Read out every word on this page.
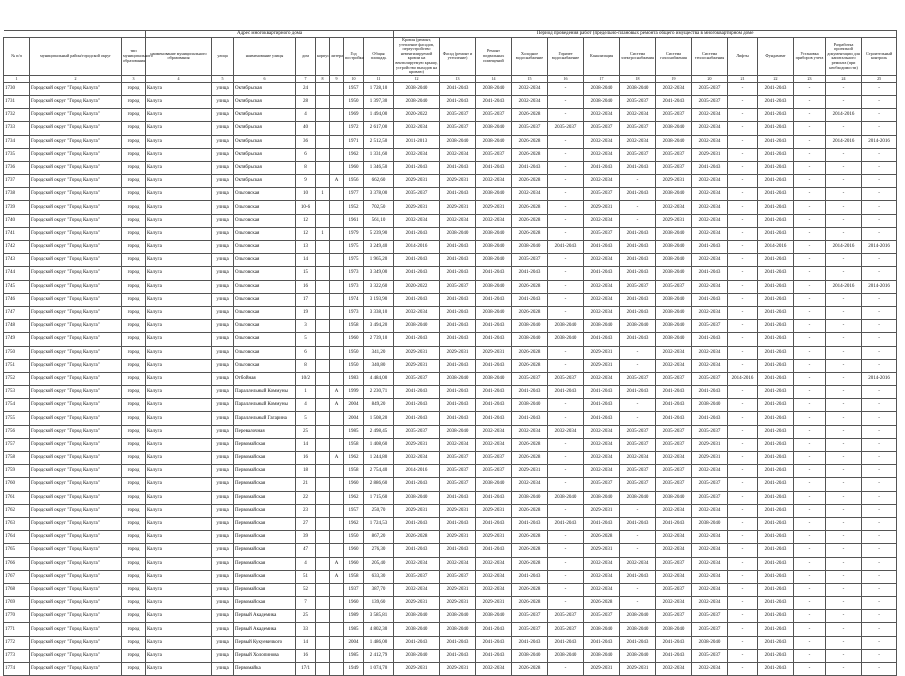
			Адрес многоквартирного дома								Период проведения работ (предельно-плановых ремонта общего имущества в многоквартирном доме													
№ п/п	муниципальный район/городской округ	тип муниципального образования	наименование муниципального образования	улица	наименование улицы	дом	корпус	литера	Год постройки	Общая площадь	Кровля (ремонт, утепление фасадов, переустройство невентилируемой кровли на вентилируемую крышу, устройство выходов на кровлю)	Фасад (ремонт и утепление)	Ремонт подвальных помещений	Холодное водоснабжение	Горячее водоснабжение	Канализация	Система электроснабжения	Система газоснабжения	Система теплоснабжения	Лифты	Фундамент	Установка приборов учета	Разработка проектной документации для капитального ремонта (при необходимости)	Строительный контроль
1	2	3	4	5	6	7	8	9	10	11	12	13	14	15	16	17	18	19	20	21	22	23	24	25
1730	Городской округ "Город Калуга"	город	Калуга	улица	Октябрьская	24			1957	1 728,10	2038-2040	2041-2043	2038-2040	2032-2034	-	2038-2040	2038-2040	2032-2034	2035-2037	-	2041-2043	-	-	-
1731	Городской округ "Город Калуга"	город	Калуга	улица	Октябрьская	28			1950	1 397,30	2038-2040	2041-2043	2041-2043	2032-2034	-	2038-2040	2035-2037	2041-2043	2035-2037	-	2041-2043	-	-	-
1732	Городской округ "Город Калуга"	город	Калуга	улица	Октябрьская	4			1969	1 494,00	2020-2022	2035-2037	2035-2037	2026-2028	-	2032-2034	2032-2034	2035-2037	2032-2034	-	2041-2043	-	2014-2016	-
1733	Городской округ "Город Калуга"	город	Калуга	улица	Октябрьская	40			1972	2 617,00	2032-2034	2035-2037	2038-2040	2035-2037	2035-2037	2035-2037	2035-2037	2038-2040	2032-2034	-	2041-2043	-	-	-
1734	Городской округ "Город Калуга"	город	Калуга	улица	Октябрьская	36			1971	2 512,50	2011-2013	2038-2040	2038-2040	2026-2028	-	2032-2034	2032-2034	2038-2040	2032-2034	-	2041-2043	-	2014-2016	2014-2016
1735	Городской округ "Город Калуга"	город	Калуга	улица	Октябрьская	6			1962	1 331,60	2032-2034	2032-2034	2035-2037	2026-2028	-	2032-2034	2035-2037	2035-2037	2029-2031	-	2041-2043	-	-	-
1736	Городской округ "Город Калуга"	город	Калуга	улица	Октябрьская	8			1960	1 346,50	2041-2043	2041-2043	2041-2043	2041-2043	-	2041-2043	2041-2043	2035-2037	2041-2043	-	2041-2043	-	-	-
1737	Городской округ "Город Калуга"	город	Калуга	улица	Октябрьская	9		А	1956	662,60	2029-2031	2029-2031	2032-2034	2026-2028	-	2032-2034	-	2029-2031	2032-2034	-	2041-2043	-	-	-
1738	Городской округ "Город Калуга"	город	Калуга	улица	Ольговская	10	1		1977	3 378,00	2035-2037	2041-2043	2038-2040	2032-2034	-	2035-2037	2041-2043	2038-2040	2032-2034	-	2041-2043	-	-	-
1739	Городской округ "Город Калуга"	город	Калуга	улица	Ольговская	10-6			1952	702,50	2029-2031	2029-2031	2029-2031	2026-2028	-	2029-2031	-	2032-2034	2032-2034	-	2041-2043	-	-	-
1740	Городской округ "Город Калуга"	город	Калуга	улица	Ольговская	12			1961	561,10	2032-2034	2032-2034	2032-2034	2026-2028	-	2032-2034	-	2029-2031	2032-2034	-	2041-2043	-	-	-
1741	Городской округ "Город Калуга"	город	Калуга	улица	Ольговская	12	1		1979	5 239,90	2041-2043	2038-2040	2038-2040	2026-2028	-	2035-2037	2041-2043	2038-2040	2032-2034	-	2041-2043	-	-	-
1742	Городской округ "Город Калуга"	город	Калуга	улица	Ольговская	13			1975	3 249,40	2014-2016	2041-2043	2038-2040	2038-2040	2041-2043	2041-2043	2041-2043	2038-2040	2041-2043	-	2014-2016	-	2014-2016	2014-2016
1743	Городской округ "Город Калуга"	город	Калуга	улица	Ольговская	14			1975	1 965,20	2041-2043	2041-2043	2038-2040	2035-2037	-	2032-2034	2041-2043	2038-2040	2032-2034	-	2041-2043	-	-	-
1744	Городской округ "Город Калуга"	город	Калуга	улица	Ольговская	15			1973	3 349,00	2041-2043	2041-2043	2041-2043	2041-2043	-	2041-2043	2041-2043	2038-2040	2041-2043	-	2041-2043	-	-	-
1745	Городской округ "Город Калуга"	город	Калуга	улица	Ольговская	16			1973	3 322,60	2020-2022	2035-2037	2038-2040	2026-2028	-	2032-2034	2035-2037	2035-2037	2032-2034	-	2041-2043	-	2014-2016	2014-2016
1746	Городской округ "Город Калуга"	город	Калуга	улица	Ольговская	17			1974	3 193,90	2041-2043	2041-2043	2041-2043	2041-2043	-	2032-2034	2041-2043	2038-2040	2041-2043	-	2041-2043	-	-	-
1747	Городской округ "Город Калуга"	город	Калуга	улица	Ольговская	19			1973	3 338,10	2032-2034	2041-2043	2038-2040	2026-2028	-	2032-2034	2041-2043	2038-2040	2032-2034	-	2041-2043	-	-	-
1748	Городской округ "Город Калуга"	город	Калуга	улица	Ольговская	3			1958	3 494,20	2038-2040	2041-2043	2041-2043	2038-2040	2038-2040	2038-2040	2038-2040	2038-2040	2035-2037	-	2041-2043	-	-	-
1749	Городской округ "Город Калуга"	город	Калуга	улица	Ольговская	5			1960	2 739,10	2041-2043	2041-2043	2041-2043	2038-2040	2038-2040	2041-2043	2041-2043	2038-2040	2041-2043	-	2041-2043	-	-	-
1750	Городской округ "Город Калуга"	город	Калуга	улица	Ольговская	6			1950	341,20	2029-2031	2029-2031	2029-2031	2026-2028	-	2029-2031	-	2032-2034	2032-2034	-	2041-2043	-	-	-
1751	Городской округ "Город Калуга"	город	Калуга	улица	Ольговская	8			1950	340,80	2029-2031	2041-2043	2041-2043	2026-2028	-	2029-2031	-	2032-2034	2032-2034	-	2041-2043	-	-	-
1752	Городской округ "Город Калуга"	город	Калуга	улица	Отбойная	10/2			1983	4 484,00	2035-2037	2038-2040	2038-2040	2035-2037	2035-2037	2032-2034	2035-2037	2035-2037	2035-2037	2014-2016	2041-2043	-	-	2014-2016
1753	Городской округ "Город Калуга"	город	Калуга	улица	Параллельный Коммуны	1		А	1999	2 230,71	2041-2043	2041-2043	2041-2043	2041-2043	2041-2043	2041-2043	2041-2043	2041-2043	2041-2043	-	2041-2043	-	-	-
1754	Городской округ "Город Калуга"	город	Калуга	улица	Параллельный Коммуны	4		А	2004	849,20	2041-2043	2041-2043	2041-2043	2038-2040	-	2041-2043	-	2041-2043	2038-2040	-	2041-2043	-	-	-
1755	Городской округ "Город Калуга"	город	Калуга	улица	Параллельный Гагарина	5			2004	1 508,20	2041-2043	2041-2043	2041-2043	2041-2043	-	2041-2043	-	2041-2043	2041-2043	-	2041-2043	-	-	-
1756	Городской округ "Город Калуга"	город	Калуга	улица	Перевалочная	25			1985	2 498,45	2035-2037	2038-2040	2032-2034	2032-2034	2032-2034	2032-2034	2035-2037	2035-2037	2035-2037	-	2041-2043	-	-	-
1757	Городской округ "Город Калуга"	город	Калуга	улица	Первомайская	14			1958	1 408,60	2029-2031	2032-2034	2032-2034	2026-2028	-	2032-2034	2035-2037	2035-2037	2029-2031	-	2041-2043	-	-	-
1758	Городской округ "Город Калуга"	город	Калуга	улица	Первомайская	16		А	1962	1 244,80	2032-2034	2035-2037	2035-2037	2026-2028	-	2032-2034	2032-2034	2032-2034	2029-2031	-	2041-2043	-	-	-
1759	Городской округ "Город Калуга"	город	Калуга	улица	Первомайская	18			1958	2 754,40	2014-2016	2035-2037	2035-2037	2029-2031	-	2032-2034	2035-2037	2035-2037	2032-2034	-	2041-2043	-	-	-
1760	Городской округ "Город Калуга"	город	Калуга	улица	Первомайская	21			1960	2 886,60	2041-2043	2035-2037	2038-2040	2032-2034	-	2035-2037	2035-2037	2035-2037	2035-2037	-	2041-2043	-	-	-
1761	Городской округ "Город Калуга"	город	Калуга	улица	Первомайская	22			1962	1 715,60	2038-2040	2041-2043	2041-2043	2038-2040	2038-2040	2038-2040	2038-2040	2038-2040	2035-2037	-	2041-2043	-	-	-
1762	Городской округ "Город Калуга"	город	Калуга	улица	Первомайская	23			1957	250,70	2029-2031	2029-2031	2029-2031	2026-2028	-	2029-2031	-	2032-2034	2032-2034	-	2041-2043	-	-	-
1763	Городской округ "Город Калуга"	город	Калуга	улица	Первомайская	27			1962	1 724,53	2041-2043	2041-2043	2041-2043	2041-2043	2041-2043	2041-2043	2041-2043	2041-2043	2038-2040	-	2041-2043	-	-	-
1764	Городской округ "Город Калуга"	город	Калуга	улица	Первомайская	39			1950	867,20	2026-2028	2029-2031	2029-2031	2026-2028	-	2026-2028	-	2032-2034	2032-2034	-	2041-2043	-	-	-
1765	Городской округ "Город Калуга"	город	Калуга	улица	Первомайская	47			1960	276,30	2041-2043	2041-2043	2041-2043	2026-2028	-	2029-2031	-	2032-2034	2032-2034	-	2041-2043	-	-	-
1766	Городской округ "Город Калуга"	город	Калуга	улица	Первомайская	4		А	1960	205,40	2032-2034	2032-2034	2032-2034	2026-2028	-	2032-2034	2032-2034	2035-2037	2032-2034	-	2041-2043	-	-	-
1767	Городской округ "Город Калуга"	город	Калуга	улица	Первомайская	51		А	1958	633,30	2035-2037	2035-2037	2032-2034	2041-2043	-	2032-2034	2041-2043	2032-2034	2032-2034	-	2041-2043	-	-	-
1768	Городской округ "Город Калуга"	город	Калуга	улица	Первомайская	52			1937	387,70	2032-2034	2029-2031	2032-2034	2026-2028	-	2032-2034	-	2035-2037	2032-2034	-	2041-2043	-	-	-
1769	Городской округ "Город Калуга"	город	Калуга	улица	Первомайская	7			1960	139,60	2029-2031	2029-2031	2029-2031	2026-2028	-	2026-2028	-	2032-2034	2032-2034	-	2041-2043	-	-	-
1770	Городской округ "Город Калуга"	город	Калуга	улица	Первый Академика	25			1989	3 585,81	2038-2040	2038-2040	2038-2040	2035-2037	2035-2037	2035-2037	2038-2040	2035-2037	2035-2037	-	2041-2043	-	-	-
1771	Городской округ "Город Калуга"	город	Калуга	улица	Первый Академика	33			1985	4 802,30	2038-2040	2038-2040	2041-2043	2035-2037	2035-2037	2038-2040	2038-2040	2038-2040	2035-2037	-	2041-2043	-	-	-
1772	Городской округ "Город Калуга"	город	Калуга	улица	Первый Кукуевичкого	14			2004	1 486,00	2041-2043	2041-2043	2041-2043	2041-2043	2041-2043	2041-2043	2041-2043	2041-2043	2038-2040	-	2041-2043	-	-	-
1773	Городской округ "Город Калуга"	город	Калуга	улица	Первый Холопинова	16			1985	2 412,79	2038-2040	2041-2043	2041-2043	2038-2040	2038-2040	2038-2040	2038-2040	2041-2043	2035-2037	-	2041-2043	-	-	-
1774	Городской округ "Город Калуга"	город	Калуга	улица	Первомайка	17/1			1949	1 074,70	2029-2031	2029-2031	2032-2034	2026-2028	-	2029-2031	2029-2031	2032-2034	2032-2034	-	2041-2043	-	-	-
